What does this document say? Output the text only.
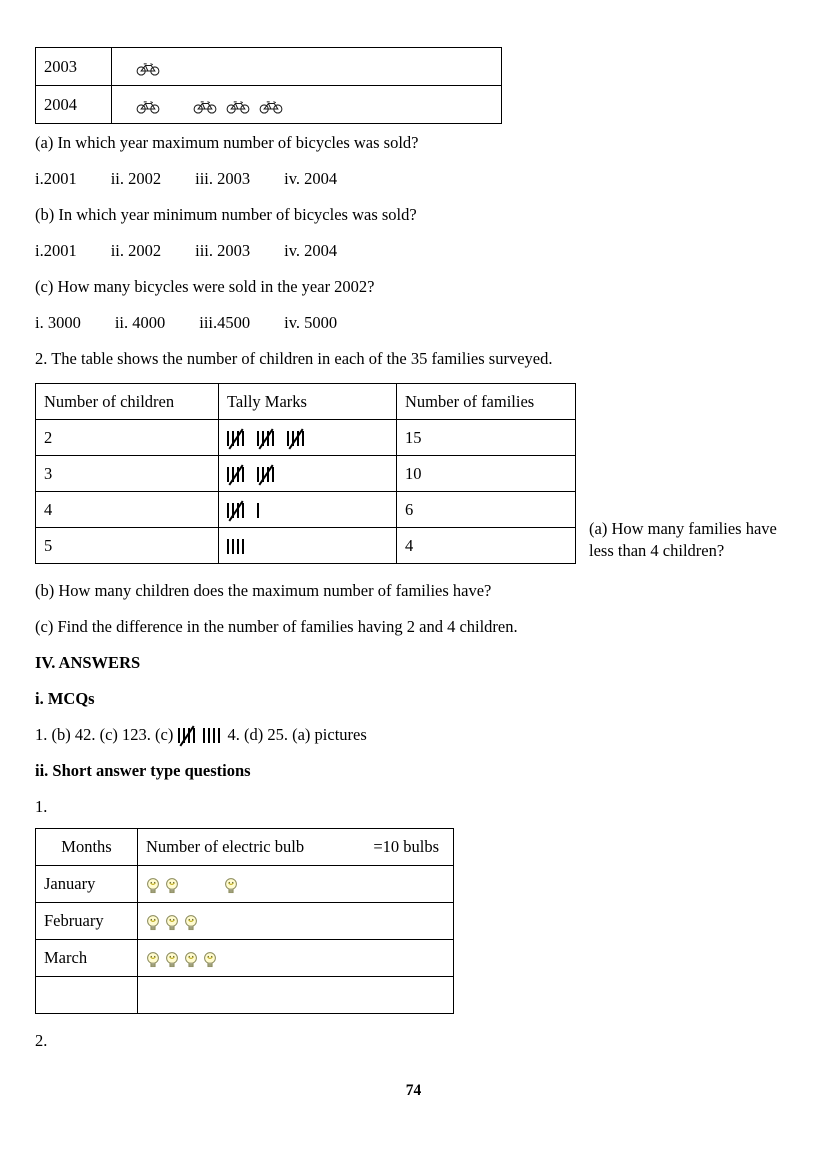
2003	
2004	

(a) In which year maximum number of bicycles was sold?

i.2001 ii. 2002 iii. 2003 iv. 2004

(b) In which year minimum number of bicycles was sold?

i.2001 ii. 2002 iii. 2003 iv. 2004

(c) How many bicycles were sold in the year 2002?

i. 3000 ii. 4000 iii.4500 iv. 5000

2. The table shows the number of children in each of the 35 families surveyed.

Number of children	Tally Marks	Number of families
2		15
3		10
4		6
5		4
(a) How many families have less than 4 children?

(b) How many children does the maximum number of families have?

(c) Find the difference in the number of families having 2 and 4 children.

IV. ANSWERS

i. MCQs

1. (b) 42. (c) 123. (c)	4. (d) 25. (a) pictures

ii. Short answer type questions

1.

Months	Number of electric bulb =10 bulbs

January	
February	
March	

2.

74
